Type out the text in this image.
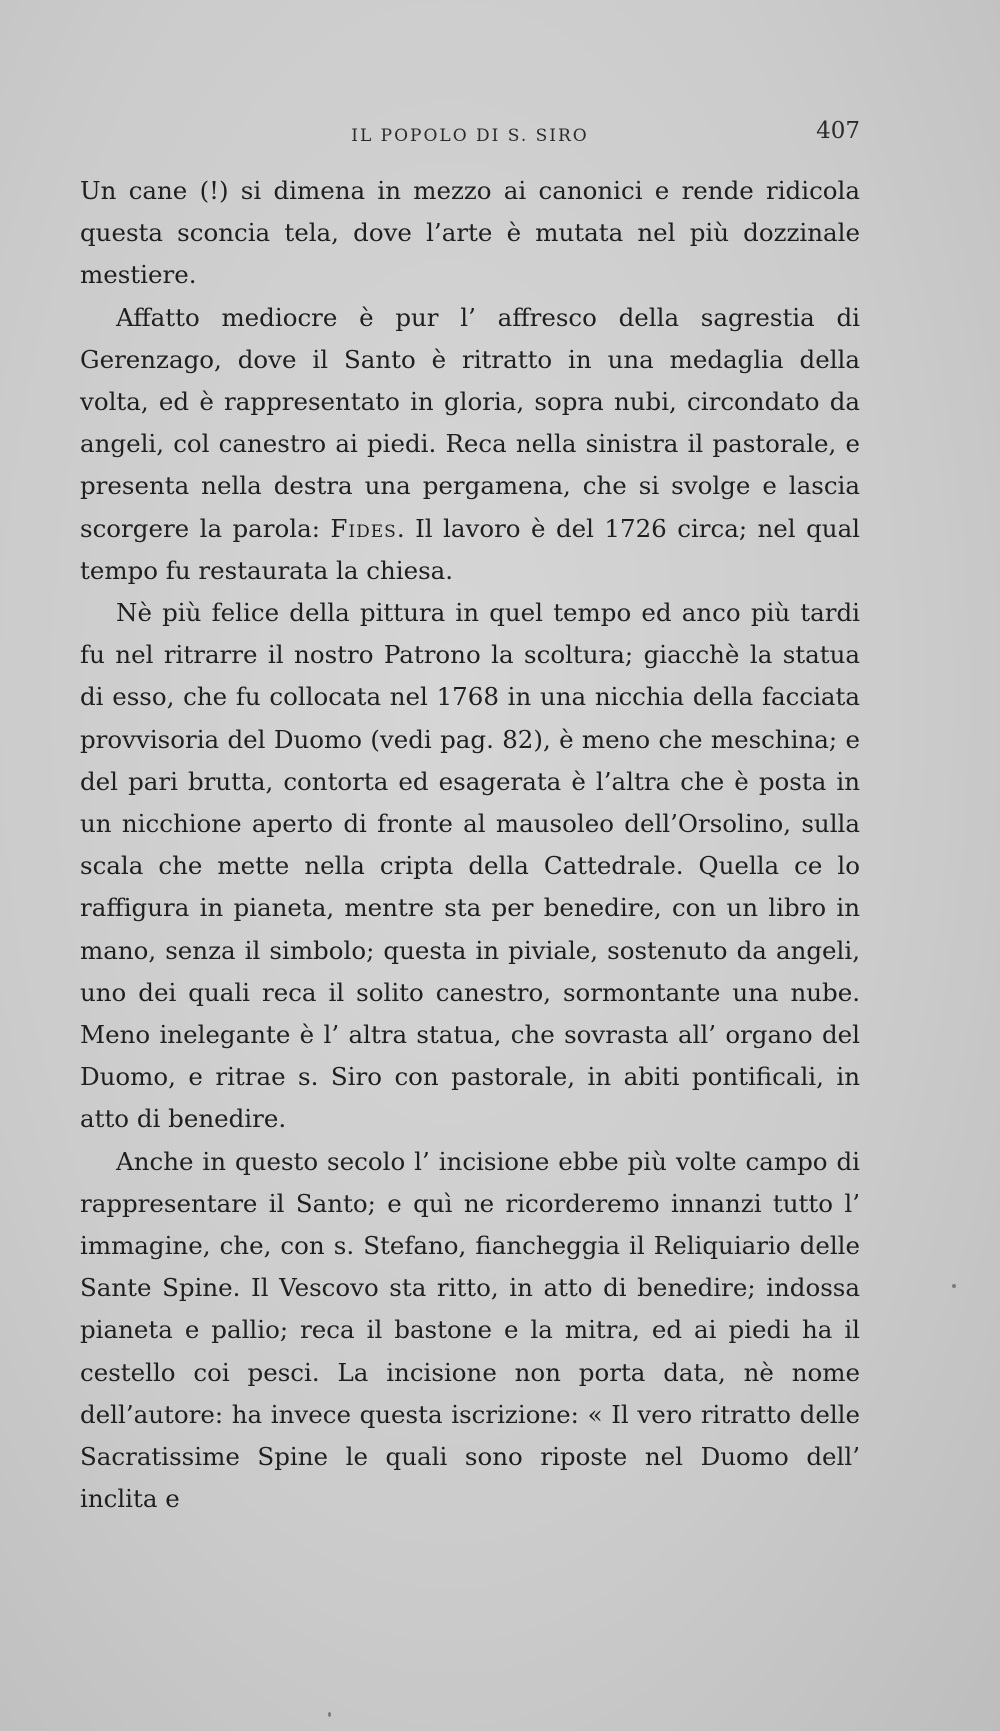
IL POPOLO DI S. SIRO	407

Un cane (!) si dimena in mezzo ai canonici e rende ridicola questa sconcia tela, dove l’arte è mutata nel più dozzinale mestiere.

Affatto mediocre è pur l’ affresco della sagrestia di Gerenzago, dove il Santo è ritratto in una medaglia della volta, ed è rappresentato in gloria, sopra nubi, circondato da angeli, col canestro ai piedi. Reca nella sinistra il pastorale, e presenta nella destra una pergamena, che si svolge e lascia scorgere la parola: Fides. Il lavoro è del 1726 circa; nel qual tempo fu restaurata la chiesa.

Nè più felice della pittura in quel tempo ed anco più tardi fu nel ritrarre il nostro Patrono la scoltura; giacchè la statua di esso, che fu collocata nel 1768 in una nicchia della facciata provvisoria del Duomo (vedi pag. 82), è meno che meschina; e del pari brutta, contorta ed esagerata è l’altra che è posta in un nicchione aperto di fronte al mausoleo dell’Orsolino, sulla scala che mette nella cripta della Cattedrale. Quella ce lo raffigura in pianeta, mentre sta per benedire, con un libro in mano, senza il simbolo; questa in piviale, sostenuto da angeli, uno dei quali reca il solito canestro, sormontante una nube. Meno inelegante è l’ altra statua, che sovrasta all’ organo del Duomo, e ritrae s. Siro con pastorale, in abiti pontificali, in atto di benedire.

Anche in questo secolo l’ incisione ebbe più volte campo di rappresentare il Santo; e quì ne ricorderemo innanzi tutto l’ immagine, che, con s. Stefano, fiancheggia il Reliquiario delle Sante Spine. Il Vescovo sta ritto, in atto di benedire; indossa pianeta e pallio; reca il bastone e la mitra, ed ai piedi ha il cestello coi pesci. La incisione non porta data, nè nome dell’autore: ha invece questa iscrizione: « Il vero ritratto delle Sacratissime Spine le quali sono riposte nel Duomo dell’ inclita e
